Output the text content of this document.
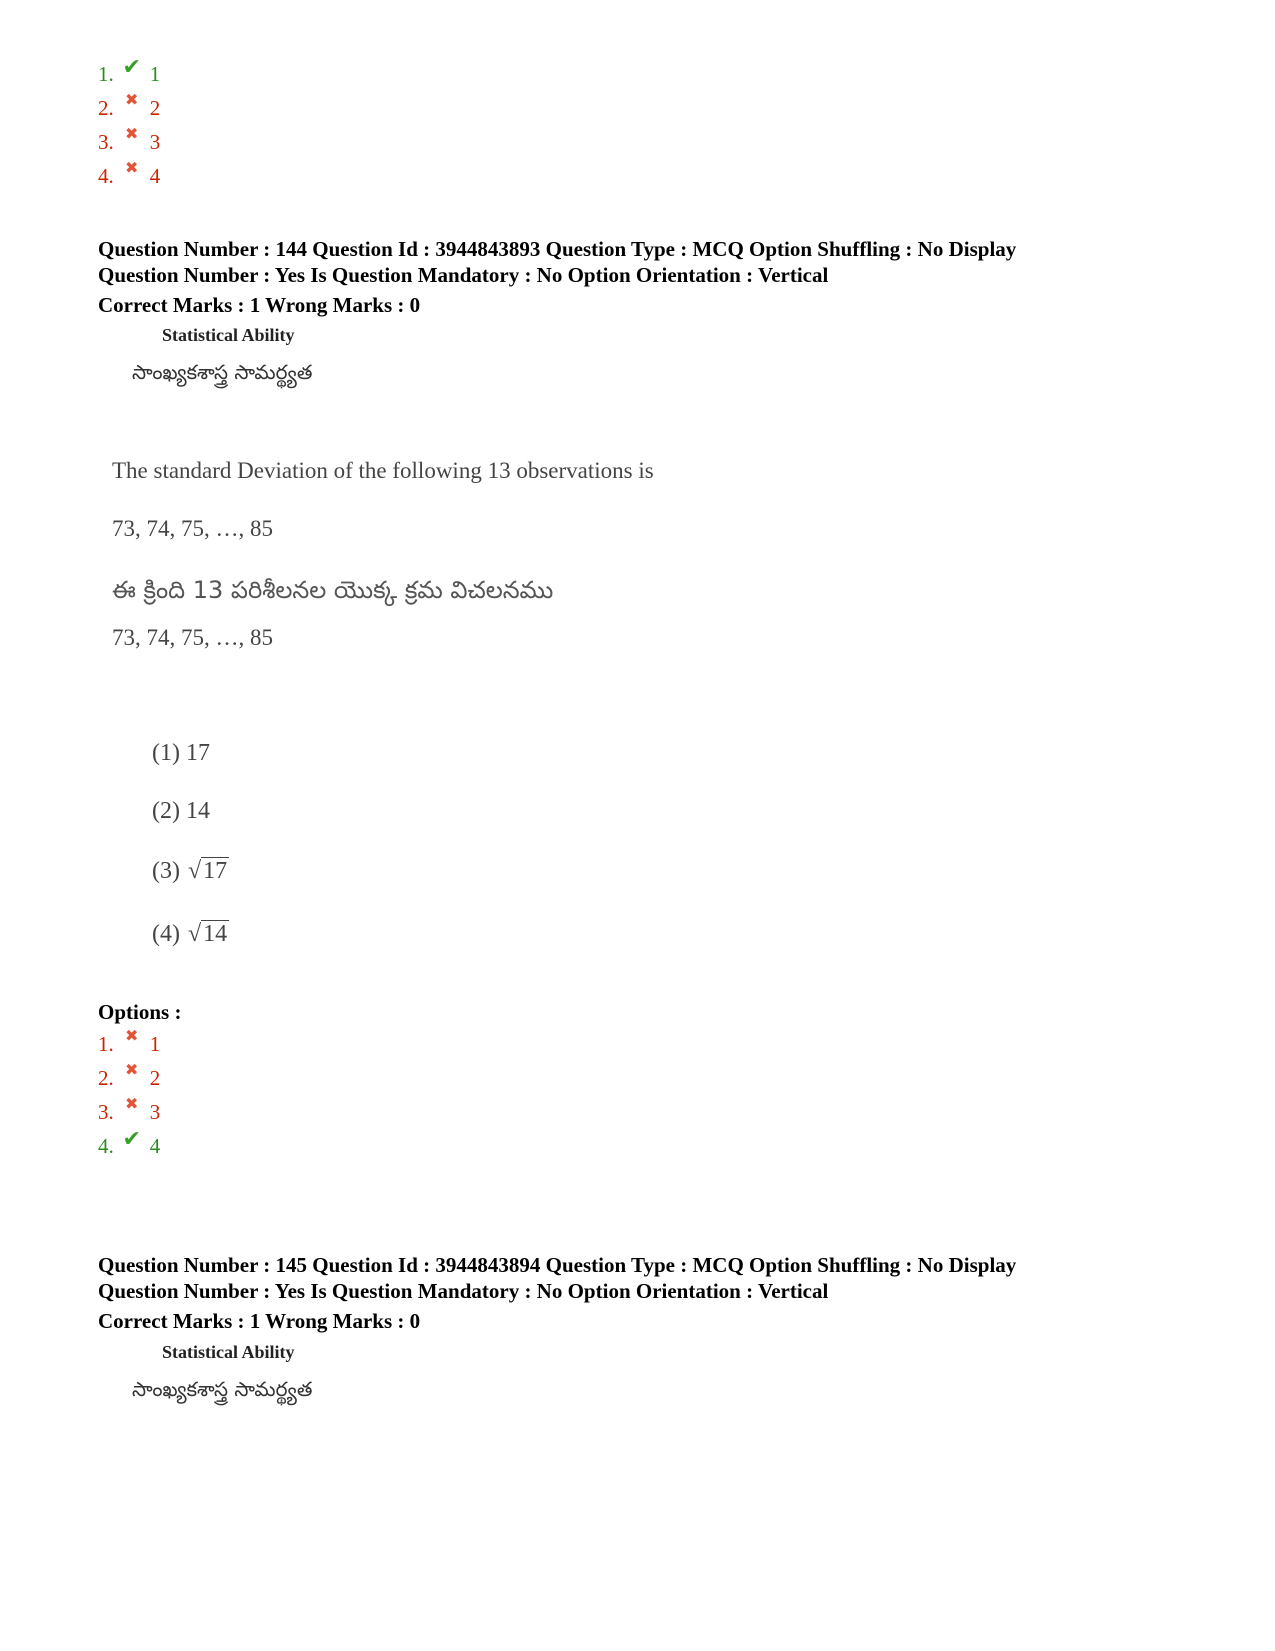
1. ✔ 1
2. ✖ 2
3. ✖ 3
4. ✖ 4
Question Number : 144 Question Id : 3944843893 Question Type : MCQ Option Shuffling : No Display
Question Number : Yes Is Question Mandatory : No Option Orientation : Vertical
Correct Marks : 1 Wrong Marks : 0
Statistical Ability
సాంఖ్యకశాస్త్ర సామర్థ్యత
The standard Deviation of the following 13 observations is
73, 74, 75, …, 85
ఈ క్రింది 13 పరిశీలనల యొక్క క్రమ విచలనము
73, 74, 75, …, 85
(1) 17
(2) 14
(3) √17
(4) √14
Options :
1. ✖ 1
2. ✖ 2
3. ✖ 3
4. ✔ 4
Question Number : 145 Question Id : 3944843894 Question Type : MCQ Option Shuffling : No Display
Question Number : Yes Is Question Mandatory : No Option Orientation : Vertical
Correct Marks : 1 Wrong Marks : 0
Statistical Ability
సాంఖ్యకశాస్త్ర సామర్థ్యత
